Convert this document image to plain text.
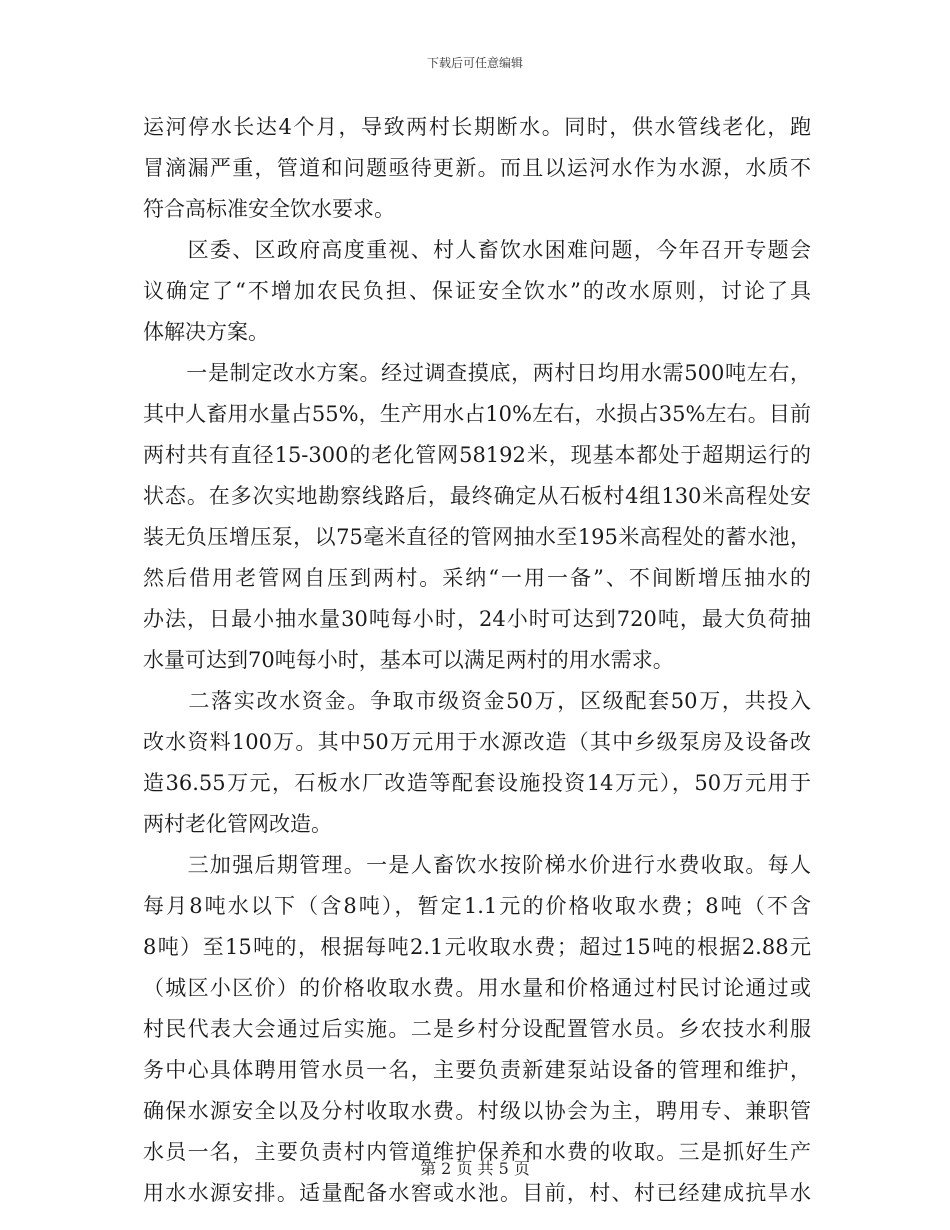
下载后可任意编辑
运河停水长达4个月，导致两村长期断水。同时，供水管线老化，跑
冒滴漏严重，管道和问题亟待更新。而且以运河水作为水源，水质不
符合高标准安全饮水要求。
　　区委、区政府高度重视、村人畜饮水困难问题，今年召开专题会
议确定了“不增加农民负担、保证安全饮水”的改水原则，讨论了具
体解决方案。
　　一是制定改水方案。经过调查摸底，两村日均用水需500吨左右，
其中人畜用水量占55%，生产用水占10%左右，水损占35%左右。目前
两村共有直径15-300的老化管网58192米，现基本都处于超期运行的
状态。在多次实地勘察线路后，最终确定从石板村4组130米高程处安
装无负压增压泵，以75毫米直径的管网抽水至195米高程处的蓄水池，
然后借用老管网自压到两村。采纳“一用一备”、不间断增压抽水的
办法，日最小抽水量30吨每小时，24小时可达到720吨，最大负荷抽
水量可达到70吨每小时，基本可以满足两村的用水需求。
　　二落实改水资金。争取市级资金50万，区级配套50万，共投入
改水资料100万。其中50万元用于水源改造（其中乡级泵房及设备改
造36.55万元，石板水厂改造等配套设施投资14万元），50万元用于
两村老化管网改造。
　　三加强后期管理。一是人畜饮水按阶梯水价进行水费收取。每人
每月8吨水以下（含8吨），暂定1.1元的价格收取水费；8吨（不含
8吨）至15吨的，根据每吨2.1元收取水费；超过15吨的根据2.88元
（城区小区价）的价格收取水费。用水量和价格通过村民讨论通过或
村民代表大会通过后实施。二是乡村分设配置管水员。乡农技水利服
务中心具体聘用管水员一名，主要负责新建泵站设备的管理和维护，
确保水源安全以及分村收取水费。村级以协会为主，聘用专、兼职管
水员一名，主要负责村内管道维护保养和水费的收取。三是抓好生产
用水水源安排。适量配备水窖或水池。目前，村、村已经建成抗旱水
第 2 页 共 5 页
